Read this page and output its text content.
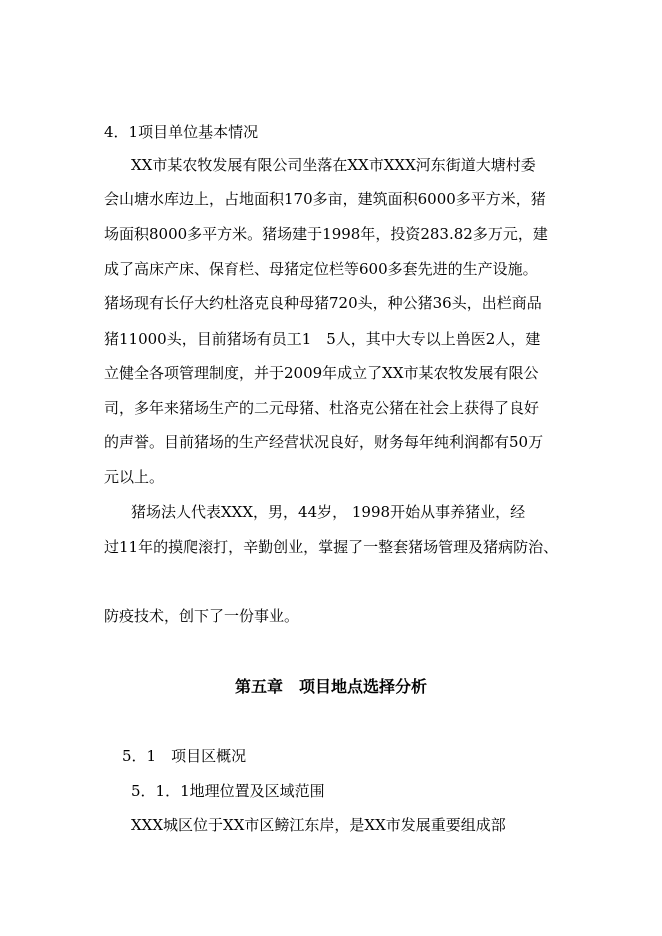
4．1项目单位基本情况
XX市某农牧发展有限公司坐落在XX市XXX河东街道大塘村委
会山塘水库边上，占地面积170多亩，建筑面积6000多平方米，猪
场面积8000多平方米。猪场建于1998年，投资283.82多万元，建
成了高床产床、保育栏、母猪定位栏等600多套先进的生产设施。
猪场现有长仔大约杜洛克良种母猪720头，种公猪36头，出栏商品
猪11000头，目前猪场有员工1　5人，其中大专以上兽医2人，建
立健全各项管理制度，并于2009年成立了XX市某农牧发展有限公
司，多年来猪场生产的二元母猪、杜洛克公猪在社会上获得了良好
的声誉。目前猪场的生产经营状况良好，财务每年纯利润都有50万
元以上。
猪场法人代表XXX，男，44岁， 1998开始从事养猪业，经
过11年的摸爬滚打，辛勤创业，掌握了一整套猪场管理及猪病防治、
防疫技术，创下了一份事业。
第五章　项目地点选择分析
5．1　项目区概况
5．1．1地理位置及区域范围
XXX城区位于XX市区鳑江东岸，是XX市发展重要组成部
